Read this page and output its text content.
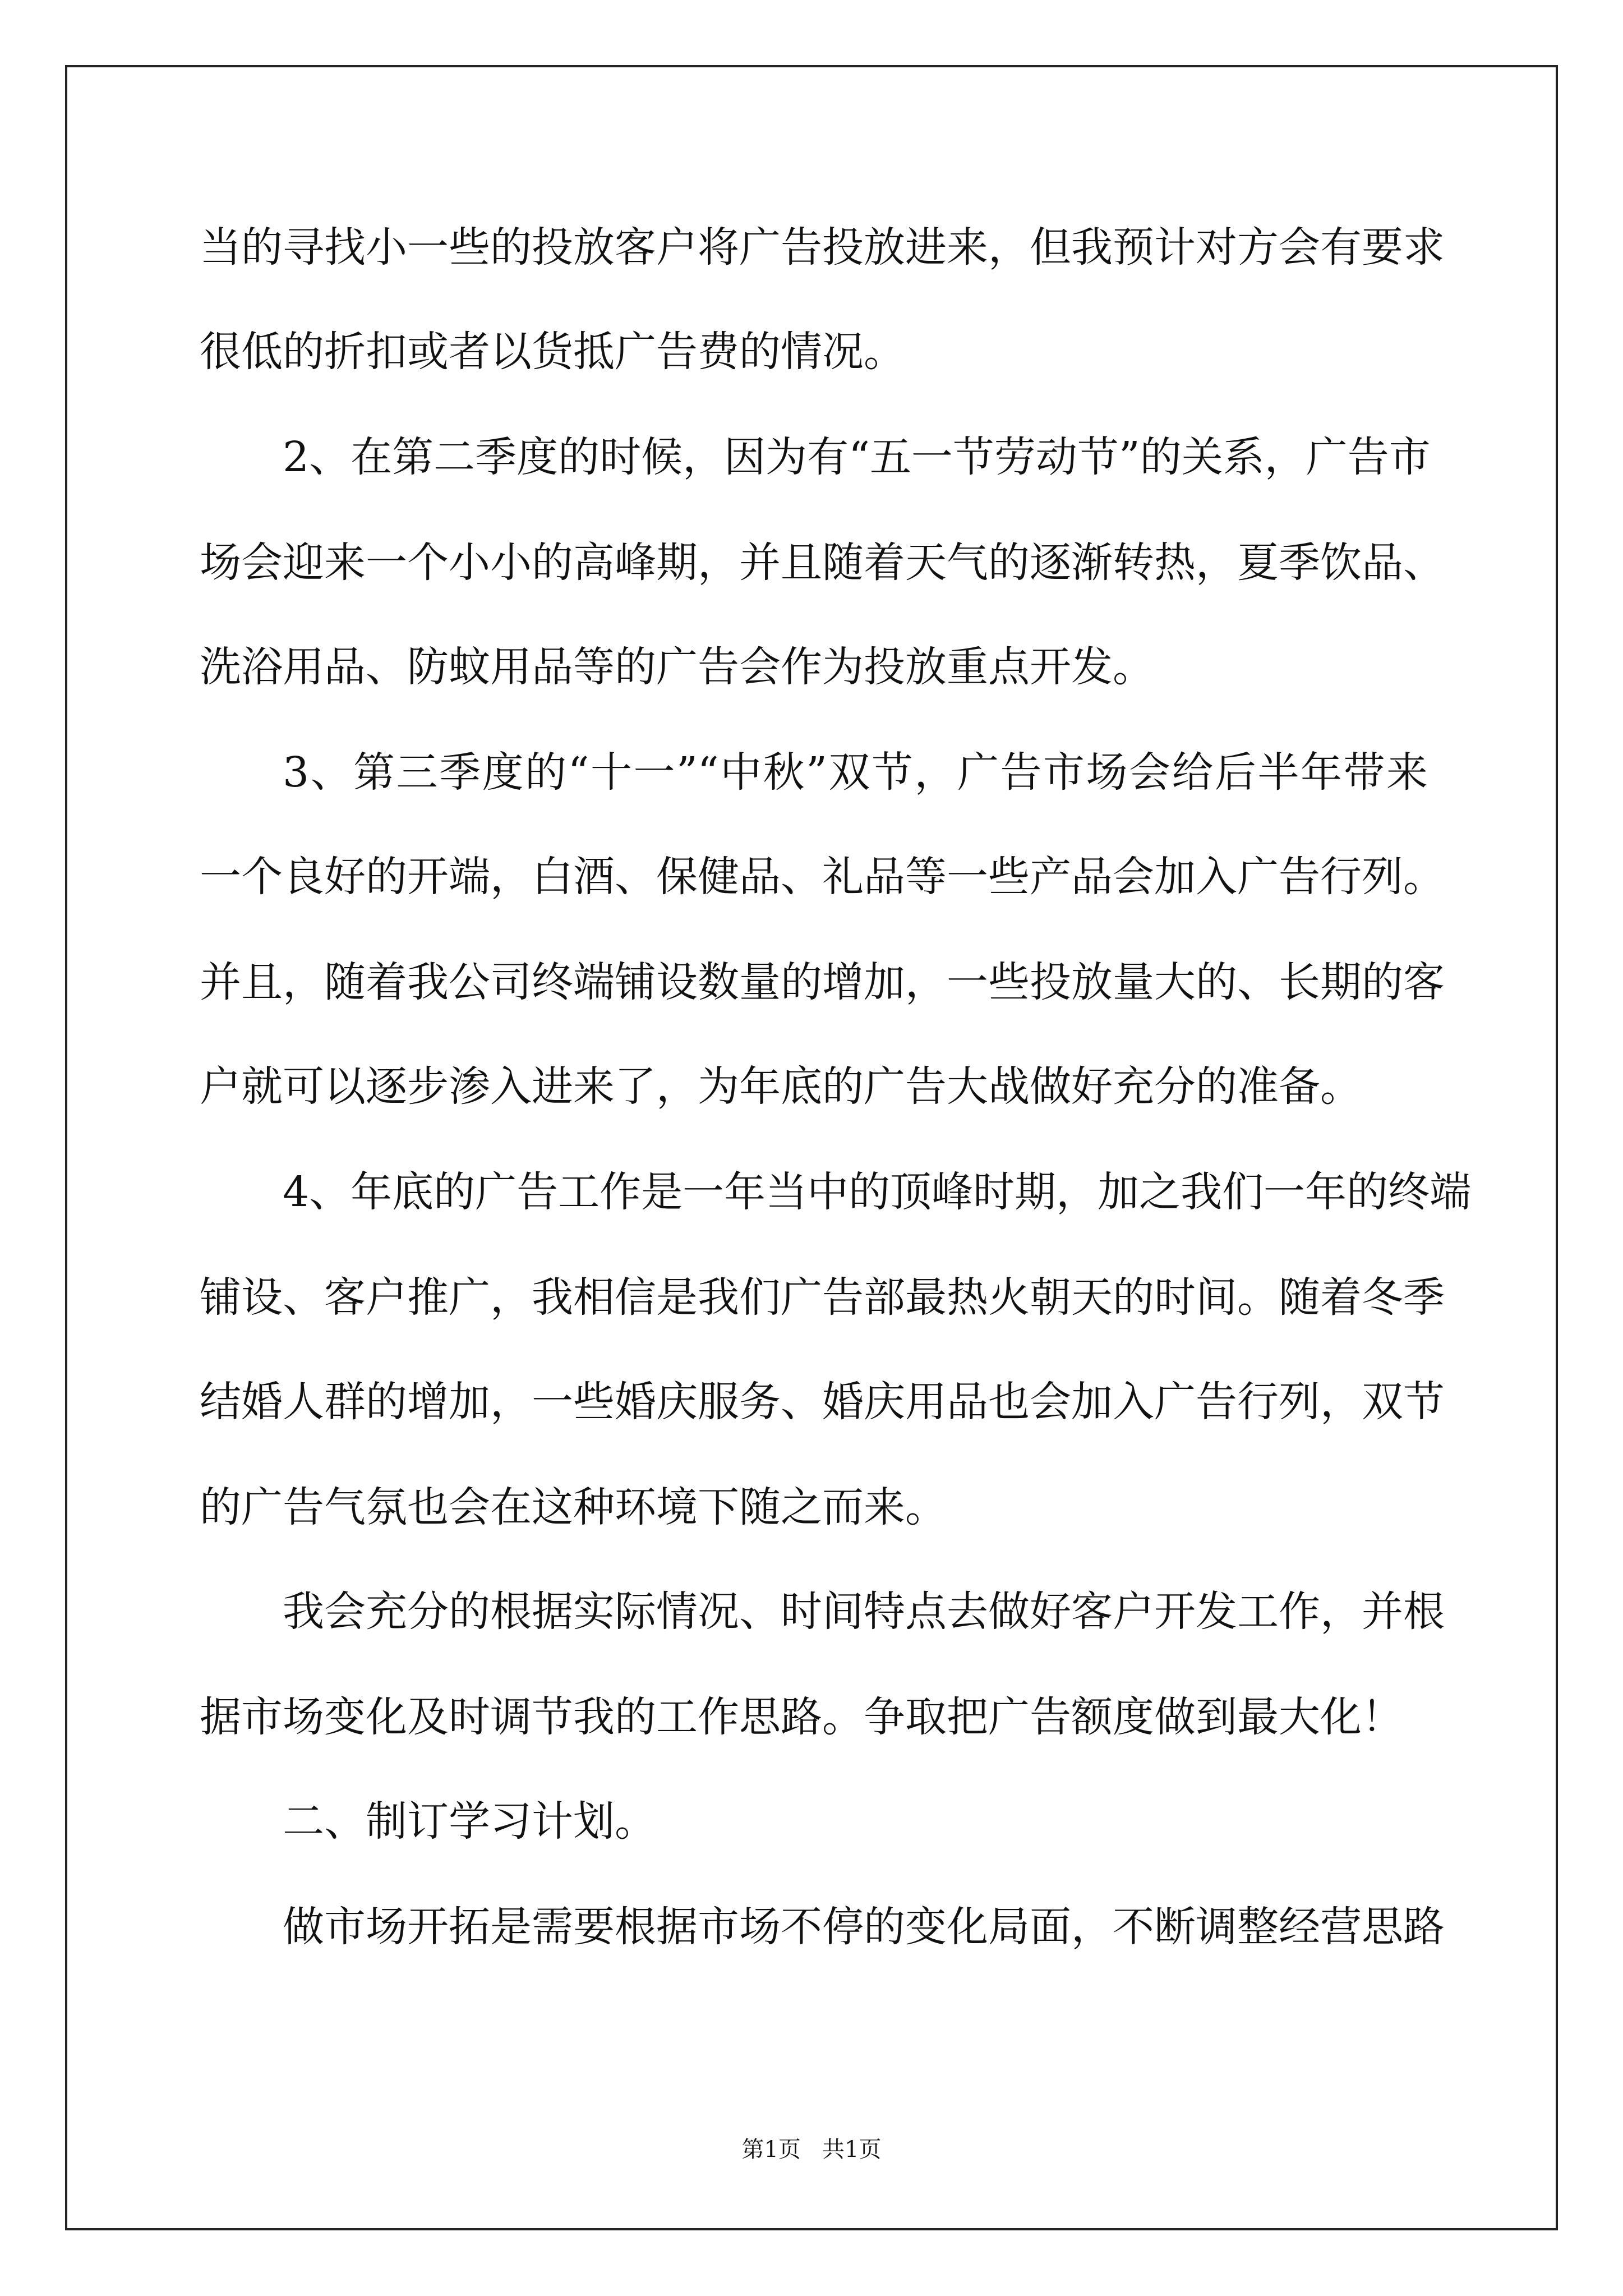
当的寻找小一些的投放客户将广告投放进来，但我预计对方会有要求
很低的折扣或者以货抵广告费的情况。
2、在第二季度的时候，因为有“五一节劳动节”的关系，广告市
场会迎来一个小小的高峰期，并且随着天气的逐渐转热，夏季饮品、
洗浴用品、防蚊用品等的广告会作为投放重点开发。
3、第三季度的“十一”“中秋”双节，广告市场会给后半年带来
一个良好的开端，白酒、保健品、礼品等一些产品会加入广告行列。
并且，随着我公司终端铺设数量的增加，一些投放量大的、长期的客
户就可以逐步渗入进来了，为年底的广告大战做好充分的准备。
4、年底的广告工作是一年当中的顶峰时期，加之我们一年的终端
铺设、客户推广，我相信是我们广告部最热火朝天的时间。随着冬季
结婚人群的增加，一些婚庆服务、婚庆用品也会加入广告行列，双节
的广告气氛也会在这种环境下随之而来。
我会充分的根据实际情况、时间特点去做好客户开发工作，并根
据市场变化及时调节我的工作思路。争取把广告额度做到最大化！
二、制订学习计划。
做市场开拓是需要根据市场不停的变化局面，不断调整经营思路
第1页   共1页
